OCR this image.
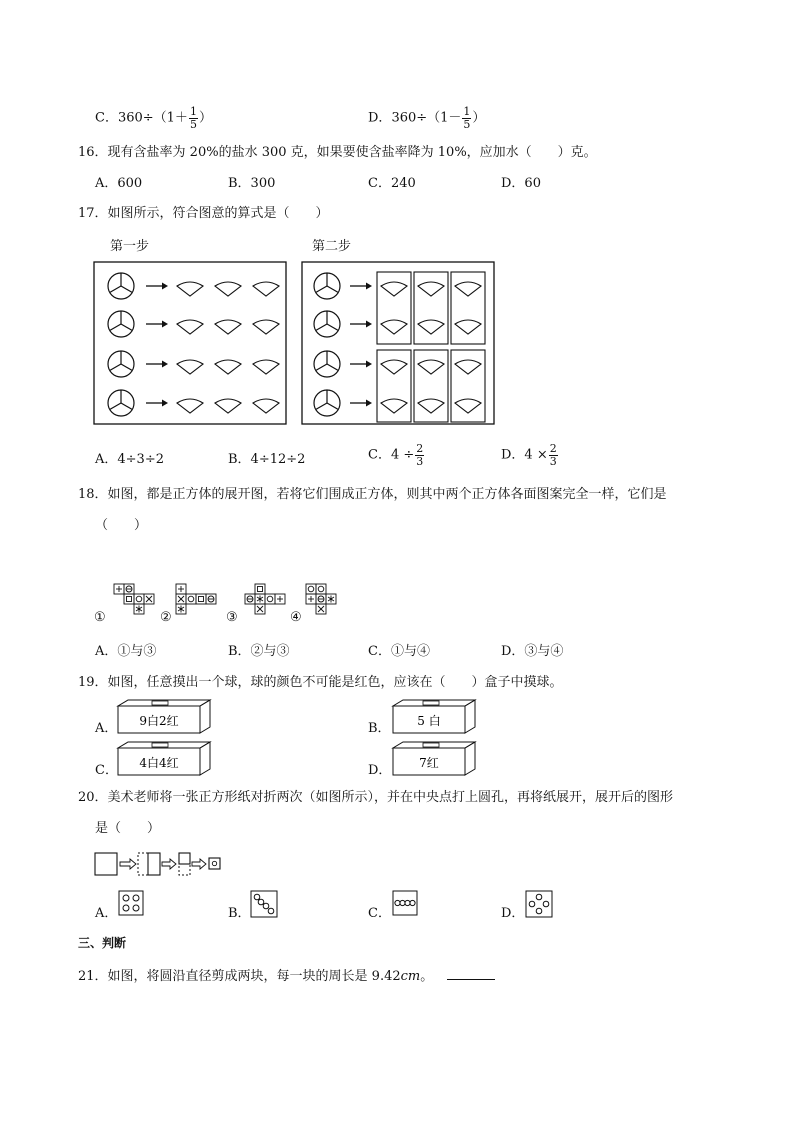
C．$360\div(1+ \frac{1}{5}$ ）	D．$360\div(1- \frac{1}{5}$ ）
16．现有含盐率为 20%的盐水 300 克，如果要使含盐率降为 10%，应加水（　　）克。
A．600	B．300	C．240	D．60
17．如图所示，符合图意的算式是（　　）
第一步	第二步
A．4÷3÷2	B．4÷12÷2	C．$4 \div \frac{2}{3}$	D．$4 \times \frac{2}{3}$
18．如图，都是正方体的展开图，若将它们围成正方体，则其中两个正方体各面图案完全一样，它们是
（　　）
①	②	③	④
A．①与③	B．②与③	C．①与④	D．③与④
19．如图，任意摸出一个球，球的颜色不可能是红色，应该在（　　）盒子中摸球。
A．	B．
C．	D．
9白2红	5 白
4白4红	7红
20．美术老师将一张正方形纸对折两次（如图所示），并在中央点打上圆孔，再将纸展开，展开后的图形
是（　　）
A．	B．	C．	D．
三、判断
21．如图，将圆沿直径剪成两块，每一块的周长是 9.42cm。
